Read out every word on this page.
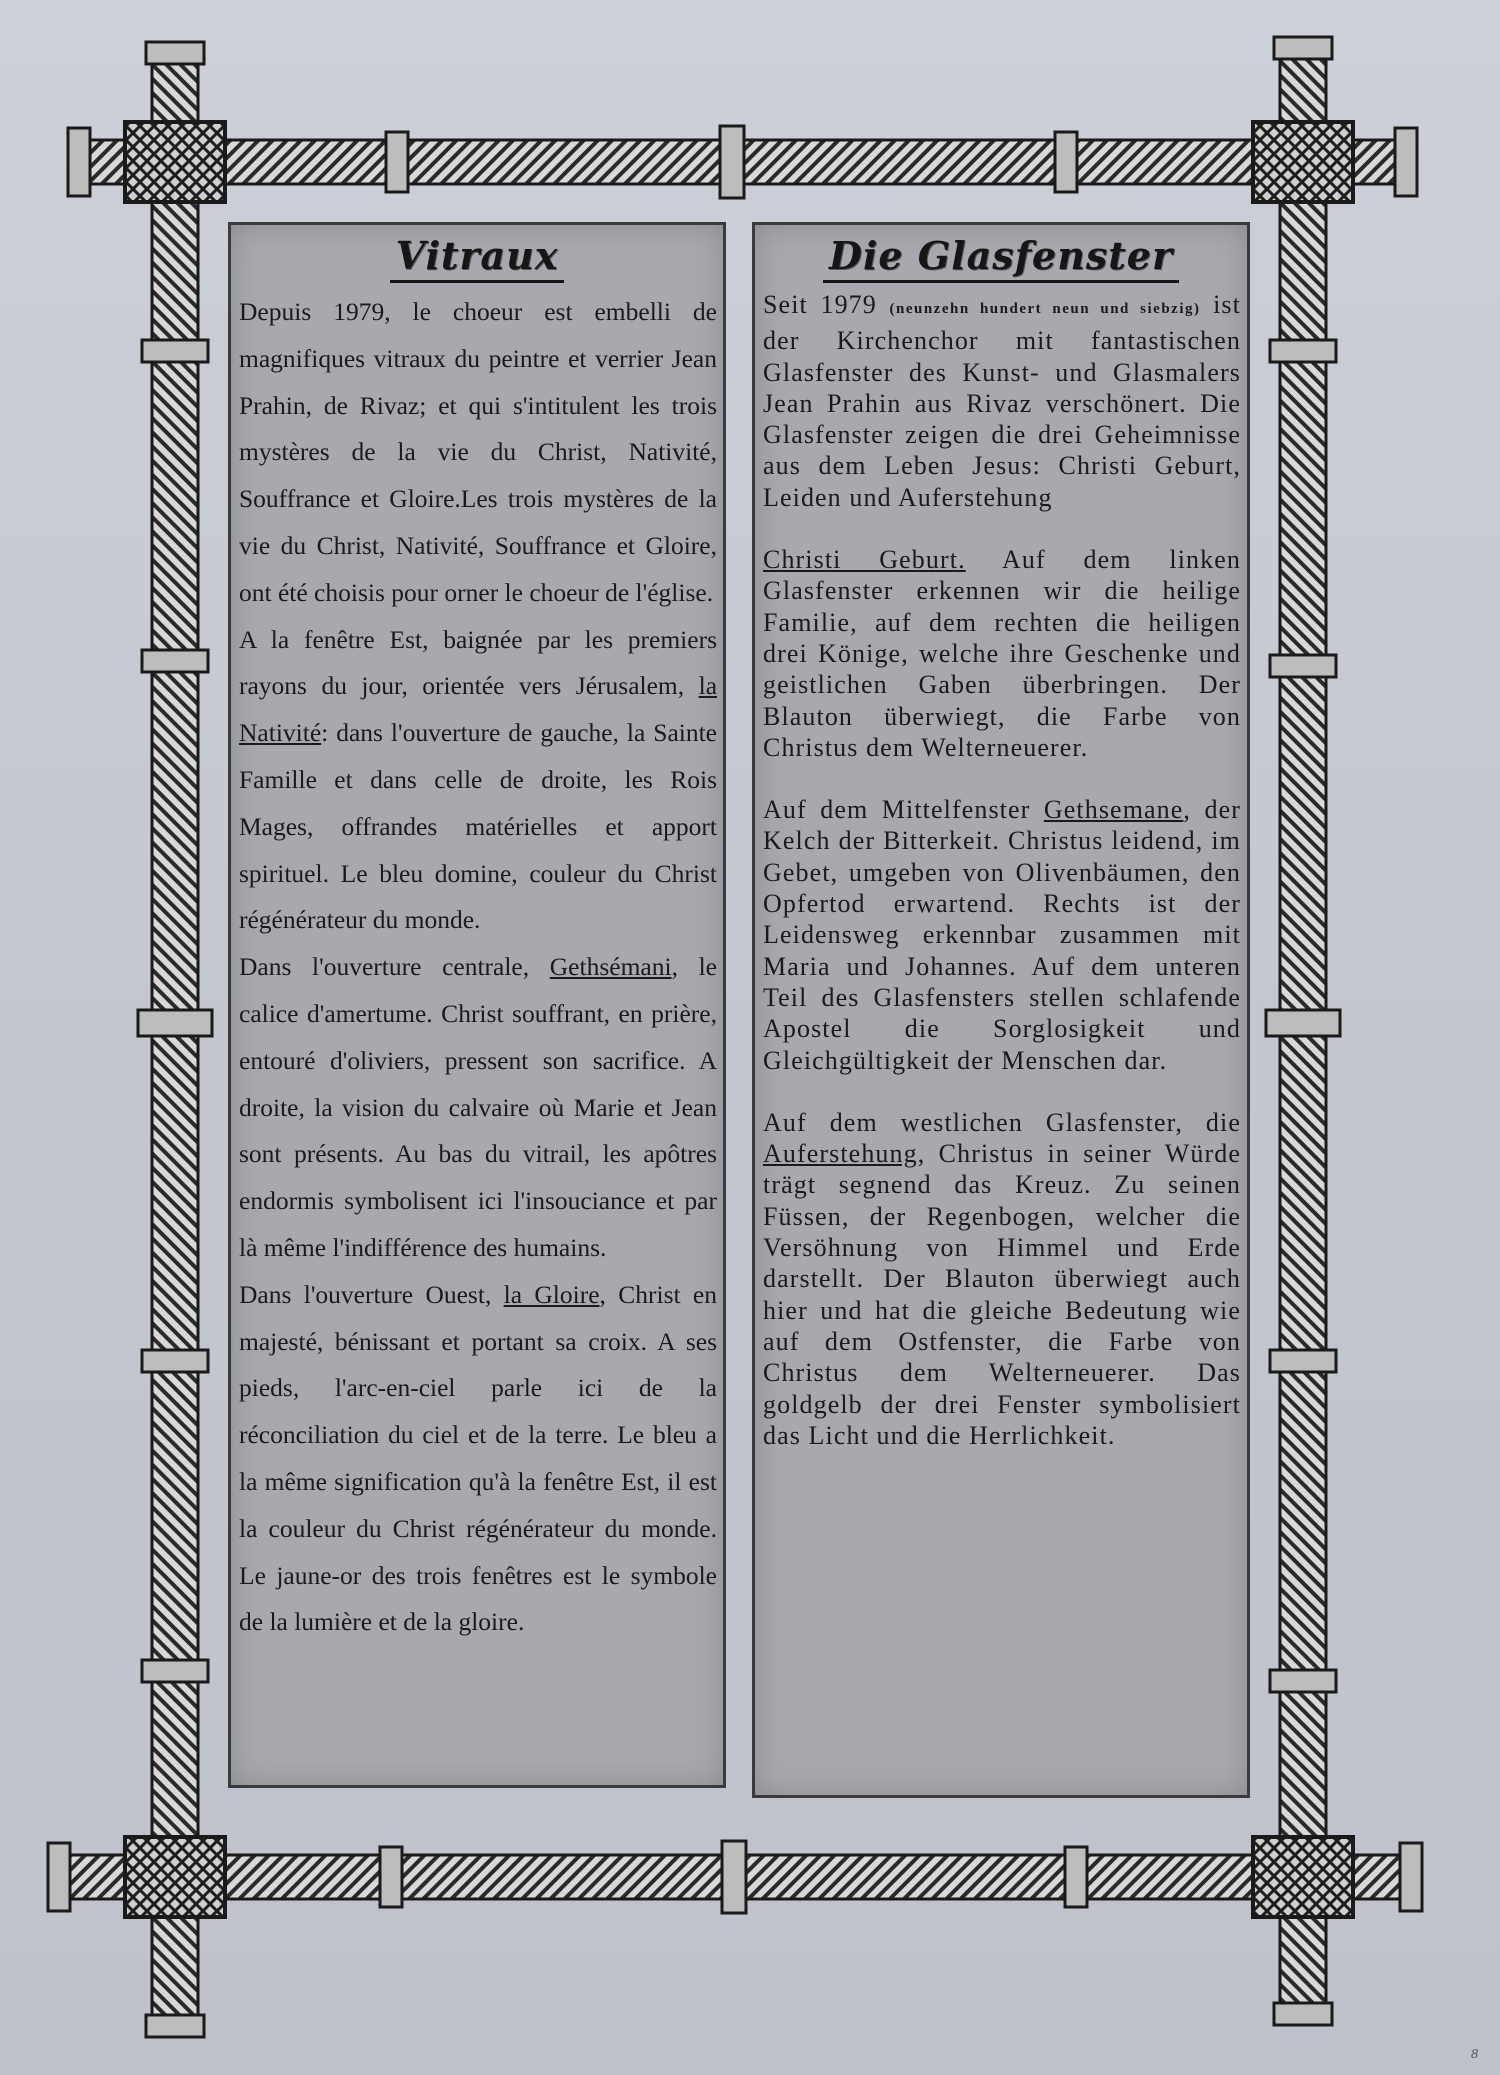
Vitraux

Depuis 1979, le choeur est embelli de magnifiques vitraux du peintre et verrier Jean Prahin, de Rivaz; et qui s'intitulent les trois mystères de la vie du Christ, Nativité, Souffrance et Gloire.Les trois mystères de la vie du Christ, Nativité, Souffrance et Gloire, ont été choisis pour orner le choeur de l'église.

A la fenêtre Est, baignée par les premiers rayons du jour, orientée vers Jérusalem, la Nativité: dans l'ouverture de gauche, la Sainte Famille et dans celle de droite, les Rois Mages, offrandes matérielles et apport spirituel. Le bleu domine, couleur du Christ régénérateur du monde.

Dans l'ouverture centrale, Gethsémani, le calice d'amertume. Christ souffrant, en prière, entouré d'oliviers, pressent son sacrifice. A droite, la vision du calvaire où Marie et Jean sont présents. Au bas du vitrail, les apôtres endormis symbolisent ici l'insouciance et par là même l'indifférence des humains.

Dans l'ouverture Ouest, la Gloire, Christ en majesté, bénissant et portant sa croix. A ses pieds, l'arc-en-ciel parle ici de la réconciliation du ciel et de la terre. Le bleu a la même signification qu'à la fenêtre Est, il est la couleur du Christ régénérateur du monde. Le jaune-or des trois fenêtres est le symbole de la lumière et de la gloire.

Die Glasfenster

Seit 1979 (neunzehn hundert neun und siebzig) ist der Kirchenchor mit fantastischen Glasfenster des Kunst- und Glasmalers Jean Prahin aus Rivaz verschönert. Die Glasfenster zeigen die drei Geheimnisse aus dem Leben Jesus: Christi Geburt, Leiden und Auferstehung

Christi Geburt. Auf dem linken Glasfenster erkennen wir die heilige Familie, auf dem rechten die heiligen drei Könige, welche ihre Geschenke und geistlichen Gaben überbringen. Der Blauton überwiegt, die Farbe von Christus dem Welterneuerer.

Auf dem Mittelfenster Gethsemane, der Kelch der Bitterkeit. Christus leidend, im Gebet, umgeben von Olivenbäumen, den Opfertod erwartend. Rechts ist der Leidensweg erkennbar zusammen mit Maria und Johannes. Auf dem unteren Teil des Glasfensters stellen schlafende Apostel die Sorglosigkeit und Gleichgültigkeit der Menschen dar.

Auf dem westlichen Glasfenster, die Auferstehung, Christus in seiner Würde trägt segnend das Kreuz. Zu seinen Füssen, der Regenbogen, welcher die Versöhnung von Himmel und Erde darstellt. Der Blauton überwiegt auch hier und hat die gleiche Bedeutung wie auf dem Ostfenster, die Farbe von Christus dem Welterneuerer. Das goldgelb der drei Fenster symbolisiert das Licht und die Herrlichkeit.

8
